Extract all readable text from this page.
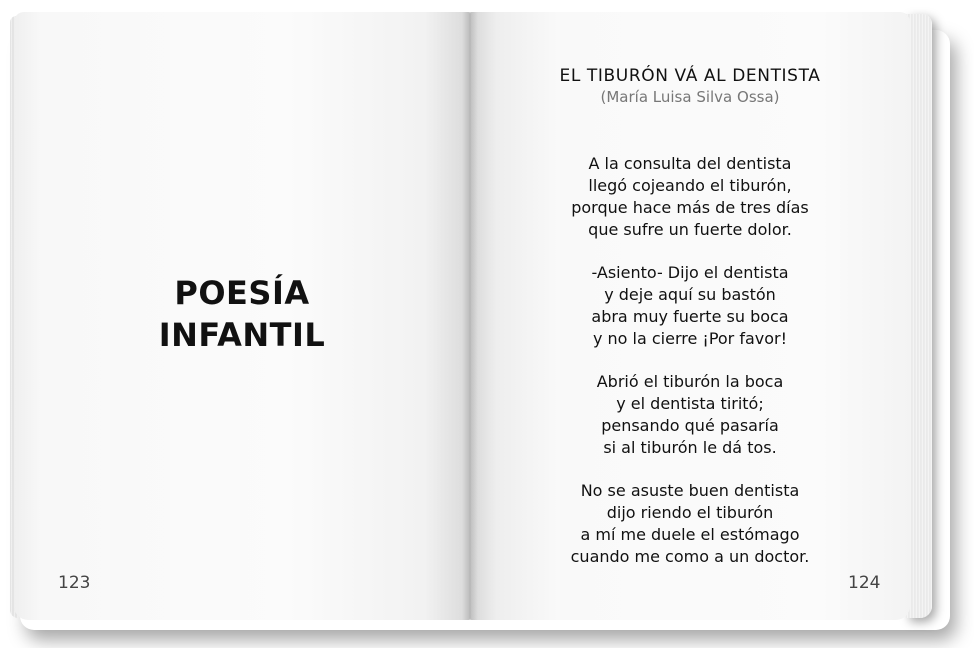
POESÍA
INFANTIL
123
EL TIBURÓN VÁ AL DENTISTA
(María Luisa Silva Ossa)
A la consulta del dentista
llegó cojeando el tiburón,
porque hace más de tres días
que sufre un fuerte dolor.
-Asiento- Dijo el dentista
y deje aquí su bastón
abra muy fuerte su boca
y no la cierre ¡Por favor!
Abrió el tiburón la boca
y el dentista tiritó;
pensando qué pasaría
si al tiburón le dá tos.
No se asuste buen dentista
dijo riendo el tiburón
a mí me duele el estómago
cuando me como a un doctor.
124
